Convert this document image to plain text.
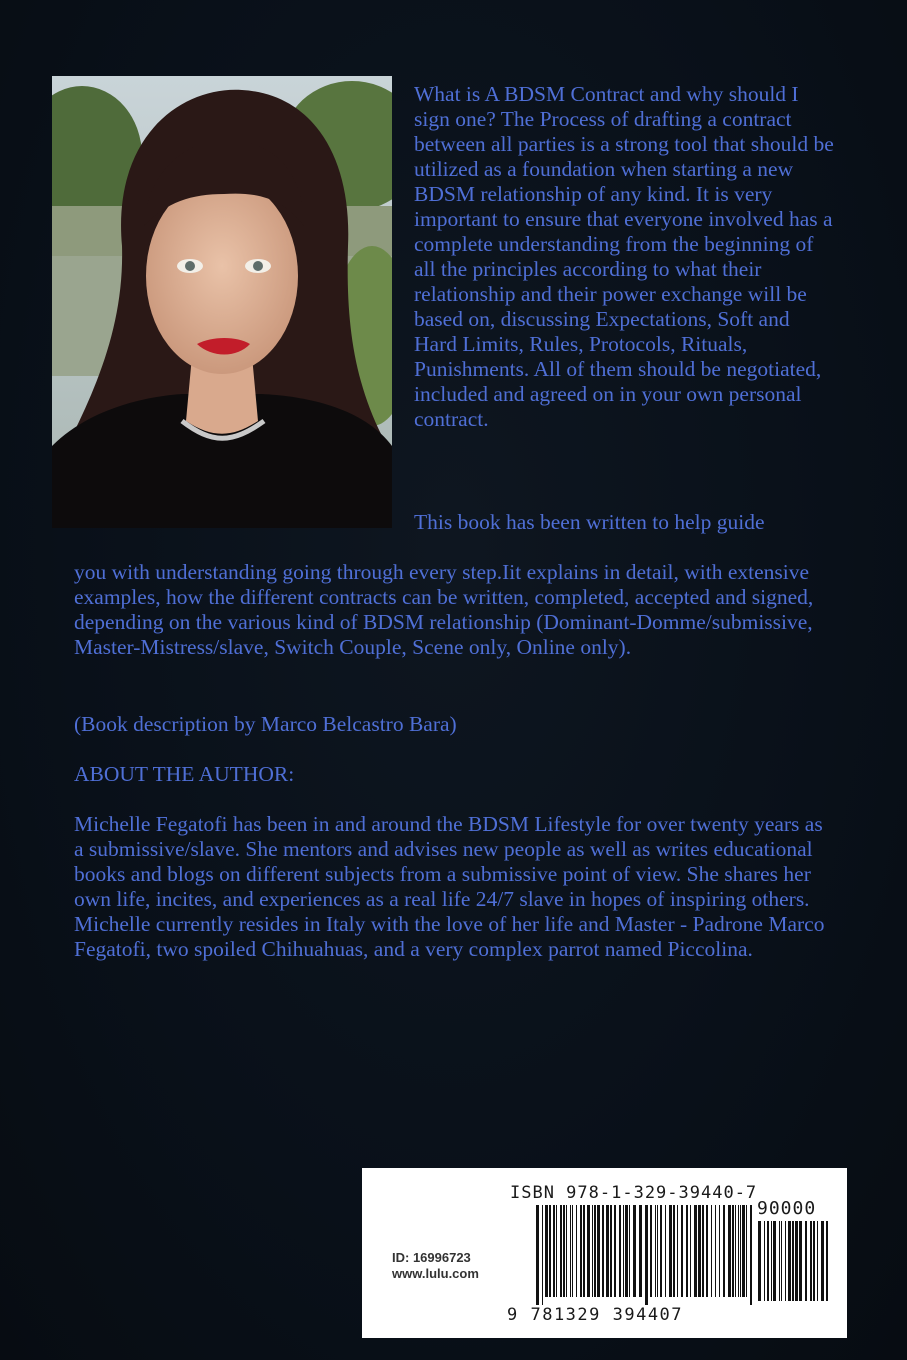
What is A BDSM Contract and why should I sign one? The Process of drafting a contract between all parties is a strong tool that should be utilized as a foundation when starting a new BDSM relationship of any kind. It is very important to ensure that everyone involved has a complete understanding from the beginning of all the principles according to what their relationship and their power exchange will be based on, discussing Expectations, Soft and Hard Limits, Rules, Protocols, Rituals, Punishments. All of them should be negotiated, included and agreed on in your own personal contract.
This book has been written to help guide
you with understanding going through every step.Iit explains in detail, with extensive examples, how the different contracts can be written, completed, accepted and signed, depending on the various kind of BDSM relationship (Dominant-Domme/submissive, Master-Mistress/slave, Switch Couple, Scene only, Online only).
(Book description by Marco Belcastro Bara)
ABOUT THE AUTHOR:
Michelle Fegatofi has been in and around the BDSM Lifestyle for over twenty years as a submissive/slave. She mentors and advises new people as well as writes educational books and blogs on different subjects from a submissive point of view. She shares her own life, incites, and experiences as a real life 24/7 slave in hopes of inspiring others. Michelle currently resides in Italy with the love of her life and Master - Padrone Marco Fegatofi, two spoiled Chihuahuas, and a very complex parrot named Piccolina.
ISBN 978-1-329-39440-7
90000
ID: 16996723
www.lulu.com
9 781329 394407
